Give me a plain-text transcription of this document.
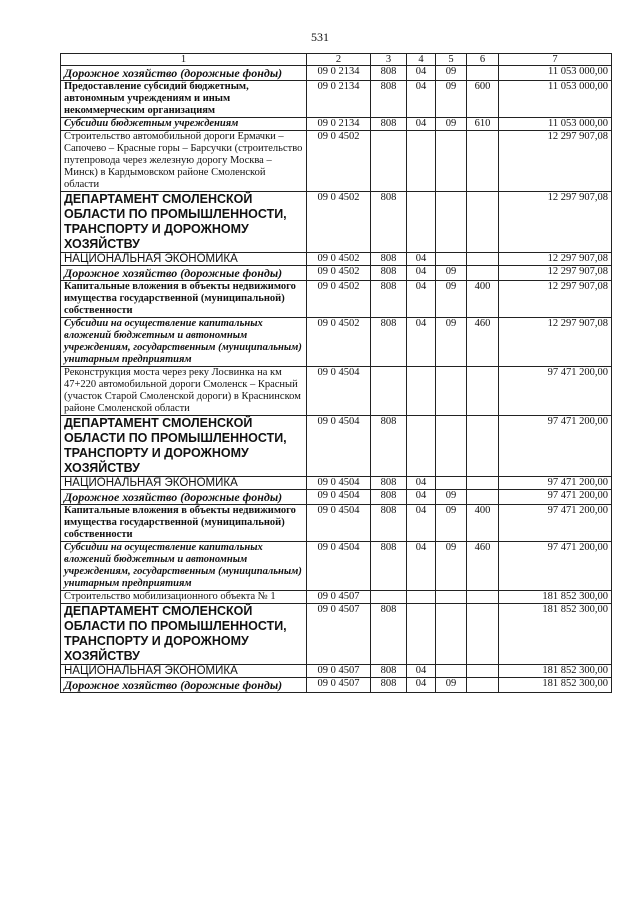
531
1	2	3	4	5	6	7
Дорожное хозяйство (дорожные фонды)	09 0 2134	808	04	09		11 053 000,00
Предоставление субсидий бюджетным, автономным учреждениям и иным некоммерческим организациям	09 0 2134	808	04	09	600	11 053 000,00
Субсидии бюджетным учреждениям	09 0 2134	808	04	09	610	11 053 000,00
Строительство автомобильной дороги Ермачки – Сапочево – Красные горы – Барсучки (строительство путепровода через железную дорогу Москва – Минск) в Кардымовском районе Смоленской области	09 0 4502					12 297 907,08
ДЕПАРТАМЕНТ СМОЛЕНСКОЙ ОБЛАСТИ ПО ПРОМЫШЛЕННОСТИ, ТРАНСПОРТУ И ДОРОЖНОМУ ХОЗЯЙСТВУ	09 0 4502	808				12 297 907,08
НАЦИОНАЛЬНАЯ ЭКОНОМИКА	09 0 4502	808	04			12 297 907,08
Дорожное хозяйство (дорожные фонды)	09 0 4502	808	04	09		12 297 907,08
Капитальные вложения в объекты недвижимого имущества государственной (муниципальной) собственности	09 0 4502	808	04	09	400	12 297 907,08
Субсидии на осуществление капитальных вложений бюджетным и автономным учреждениям, государственным (муниципальным) унитарным предприятиям	09 0 4502	808	04	09	460	12 297 907,08
Реконструкция моста через реку Лосвинка на км 47+220 автомобильной дороги Смоленск – Красный (участок Старой Смоленской дороги) в Краснинском районе Смоленской области	09 0 4504					97 471 200,00
ДЕПАРТАМЕНТ СМОЛЕНСКОЙ ОБЛАСТИ ПО ПРОМЫШЛЕННОСТИ, ТРАНСПОРТУ И ДОРОЖНОМУ ХОЗЯЙСТВУ	09 0 4504	808				97 471 200,00
НАЦИОНАЛЬНАЯ ЭКОНОМИКА	09 0 4504	808	04			97 471 200,00
Дорожное хозяйство (дорожные фонды)	09 0 4504	808	04	09		97 471 200,00
Капитальные вложения в объекты недвижимого имущества государственной (муниципальной) собственности	09 0 4504	808	04	09	400	97 471 200,00
Субсидии на осуществление капитальных вложений бюджетным и автономным учреждениям, государственным (муниципальным) унитарным предприятиям	09 0 4504	808	04	09	460	97 471 200,00
Строительство мобилизационного объекта № 1	09 0 4507					181 852 300,00
ДЕПАРТАМЕНТ СМОЛЕНСКОЙ ОБЛАСТИ ПО ПРОМЫШЛЕННОСТИ, ТРАНСПОРТУ И ДОРОЖНОМУ ХОЗЯЙСТВУ	09 0 4507	808				181 852 300,00
НАЦИОНАЛЬНАЯ ЭКОНОМИКА	09 0 4507	808	04			181 852 300,00
Дорожное хозяйство (дорожные фонды)	09 0 4507	808	04	09		181 852 300,00
